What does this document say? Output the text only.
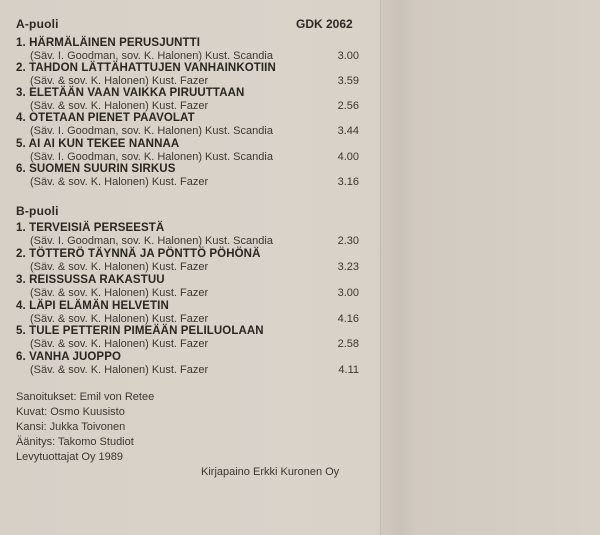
A-puoli	GDK 2062
1. HÄRMÄLÄINEN PERUSJUNTTI
(Säv. I. Goodman, sov. K. Halonen) Kust. Scandia	3.00
2. TAHDON LÄTTÄHATTUJEN VANHAINKOTIIN
(Säv. & sov. K. Halonen) Kust. Fazer	3.59
3. ELETÄÄN VAAN VAIKKA PIRUUTTAAN
(Säv. & sov. K. Halonen) Kust. Fazer	2.56
4. OTETAAN PIENET PAAVOLAT
(Säv. I. Goodman, sov. K. Halonen) Kust. Scandia	3.44
5. AI AI KUN TEKEE NANNAA
(Säv. I. Goodman, sov. K. Halonen) Kust. Scandia	4.00
6. SUOMEN SUURIN SIRKUS
(Säv. & sov. K. Halonen) Kust. Fazer	3.16
B-puoli
1. TERVEISIÄ PERSEESTÄ
(Säv. I. Goodman, sov. K. Halonen) Kust. Scandia	2.30
2. TÖTTERÖ TÄYNNÄ JA PÖNTTÖ PÖHÖNÄ
(Säv. & sov. K. Halonen) Kust. Fazer	3.23
3. REISSUSSA RAKASTUU
(Säv. & sov. K. Halonen) Kust. Fazer	3.00
4. LÄPI ELÄMÄN HELVETIN
(Säv. & sov. K. Halonen) Kust. Fazer	4.16
5. TULE PETTERIN PIMEÄÄN PELILUOLAAN
(Säv. & sov. K. Halonen) Kust. Fazer	2.58
6. VANHA JUOPPO
(Säv. & sov. K. Halonen) Kust. Fazer	4.11
Sanoitukset: Emil von Retee
Kuvat: Osmo Kuusisto
Kansi: Jukka Toivonen
Äänitys: Takomo Studiot
Levytuottajat Oy 1989
Kirjapaino Erkki Kuronen Oy
